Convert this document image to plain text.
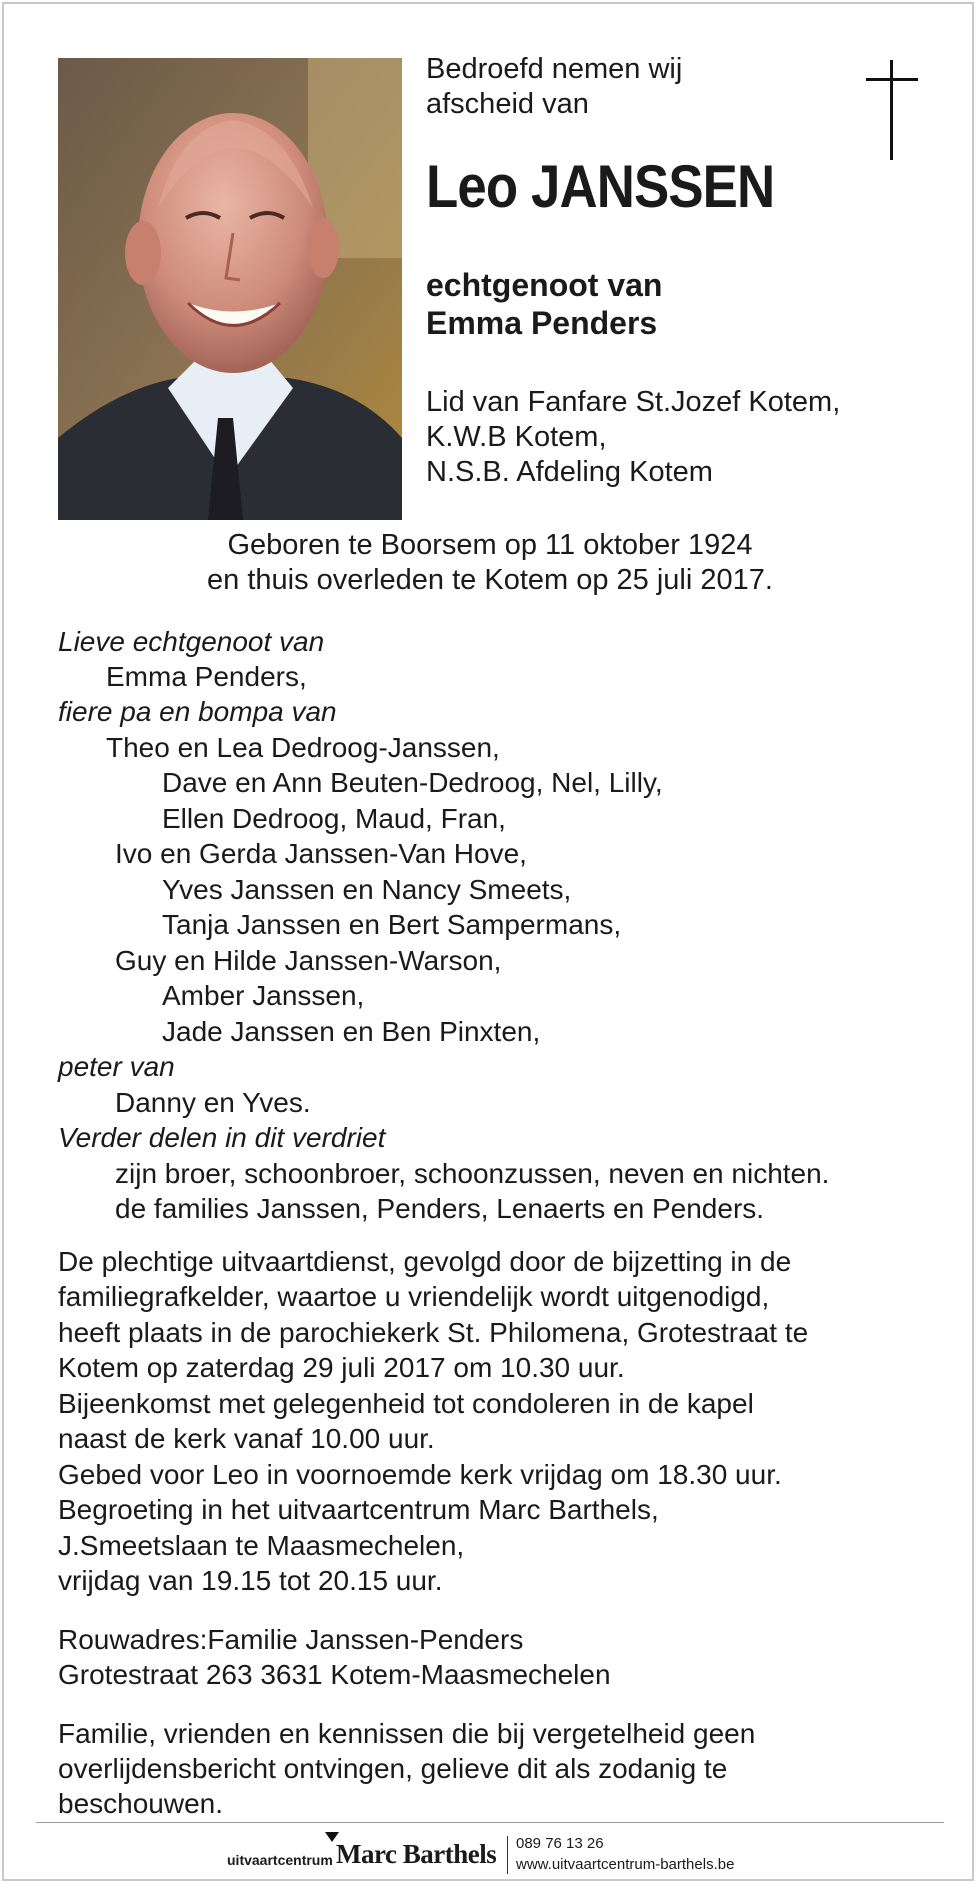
Bedroefd nemen wij
afscheid van
Leo JANSSEN
echtgenoot van
Emma Penders
Lid van Fanfare St.Jozef Kotem,
K.W.B Kotem,
N.S.B. Afdeling Kotem
Geboren te Boorsem op 11 oktober 1924
en thuis overleden te Kotem op 25 juli 2017.
Lieve echtgenoot van
Emma Penders,
fiere pa en bompa van
Theo en Lea Dedroog-Janssen,
Dave en Ann Beuten-Dedroog, Nel, Lilly,
Ellen Dedroog, Maud, Fran,
Ivo en Gerda Janssen-Van Hove,
Yves Janssen en Nancy Smeets,
Tanja Janssen en Bert Sampermans,
Guy en Hilde Janssen-Warson,
Amber Janssen,
Jade Janssen en Ben Pinxten,
peter van
Danny en Yves.
Verder delen in dit verdriet
zijn broer, schoonbroer, schoonzussen, neven en nichten.
de families Janssen, Penders, Lenaerts en Penders.
De plechtige uitvaartdienst, gevolgd door de bijzetting in de
familiegrafkelder, waartoe u vriendelijk wordt uitgenodigd,
heeft plaats in de parochiekerk St. Philomena, Grotestraat te
Kotem op zaterdag 29 juli 2017 om 10.30 uur.
Bijeenkomst met gelegenheid tot condoleren in de kapel
naast de kerk vanaf 10.00 uur.
Gebed voor Leo in voornoemde kerk vrijdag om 18.30 uur.
Begroeting in het uitvaartcentrum Marc Barthels,
J.Smeetslaan te Maasmechelen,
vrijdag van 19.15 tot 20.15 uur.
Rouwadres:Familie Janssen-Penders
Grotestraat 263 3631 Kotem-Maasmechelen
Familie, vrienden en kennissen die bij vergetelheid geen
overlijdensbericht ontvingen, gelieve dit als zodanig te
beschouwen.
uitvaartcentrum Marc Barthels 089 76 13 26
www.uitvaartcentrum-barthels.be
